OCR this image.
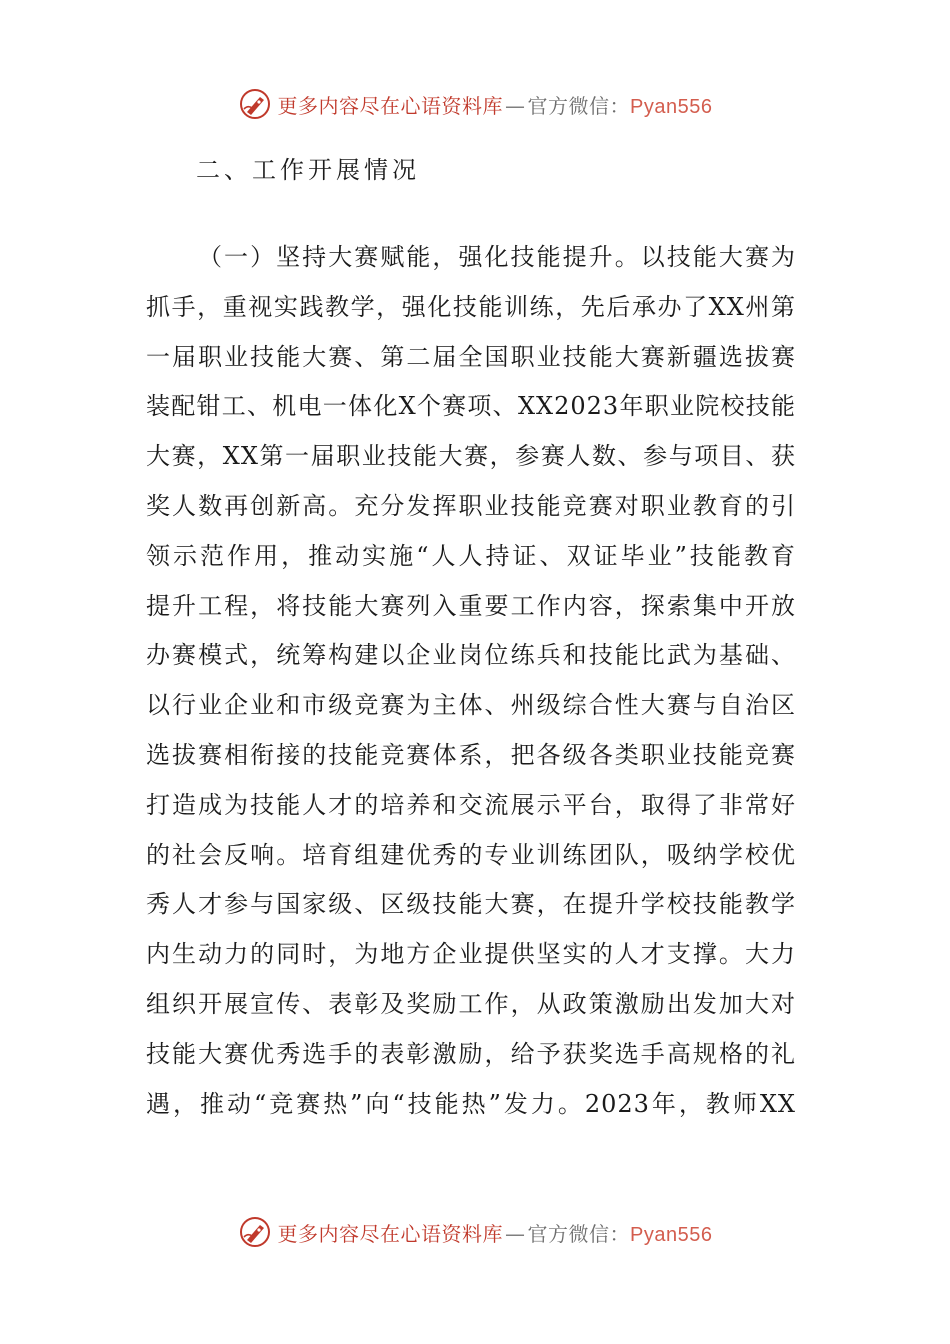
更多内容尽在心语资料库 — 官方微信： Pyan556
二、工作开展情况
（一）坚持大赛赋能，强化技能提升。以技能大赛为
抓手，重视实践教学，强化技能训练，先后承办了XX州第
一届职业技能大赛、第二届全国职业技能大赛新疆选拔赛
装配钳工、机电一体化X个赛项、XX2023年职业院校技能
大赛，XX第一届职业技能大赛，参赛人数、参与项目、获
奖人数再创新高。充分发挥职业技能竞赛对职业教育的引
领示范作用，推动实施“人人持证、双证毕业”技能教育
提升工程，将技能大赛列入重要工作内容，探索集中开放
办赛模式，统筹构建以企业岗位练兵和技能比武为基础、
以行业企业和市级竞赛为主体、州级综合性大赛与自治区
选拔赛相衔接的技能竞赛体系，把各级各类职业技能竞赛
打造成为技能人才的培养和交流展示平台，取得了非常好
的社会反响。培育组建优秀的专业训练团队，吸纳学校优
秀人才参与国家级、区级技能大赛，在提升学校技能教学
内生动力的同时，为地方企业提供坚实的人才支撑。大力
组织开展宣传、表彰及奖励工作，从政策激励出发加大对
技能大赛优秀选手的表彰激励，给予获奖选手高规格的礼
遇，推动“竞赛热”向“技能热”发力。2023年，教师XX
更多内容尽在心语资料库 — 官方微信： Pyan556
